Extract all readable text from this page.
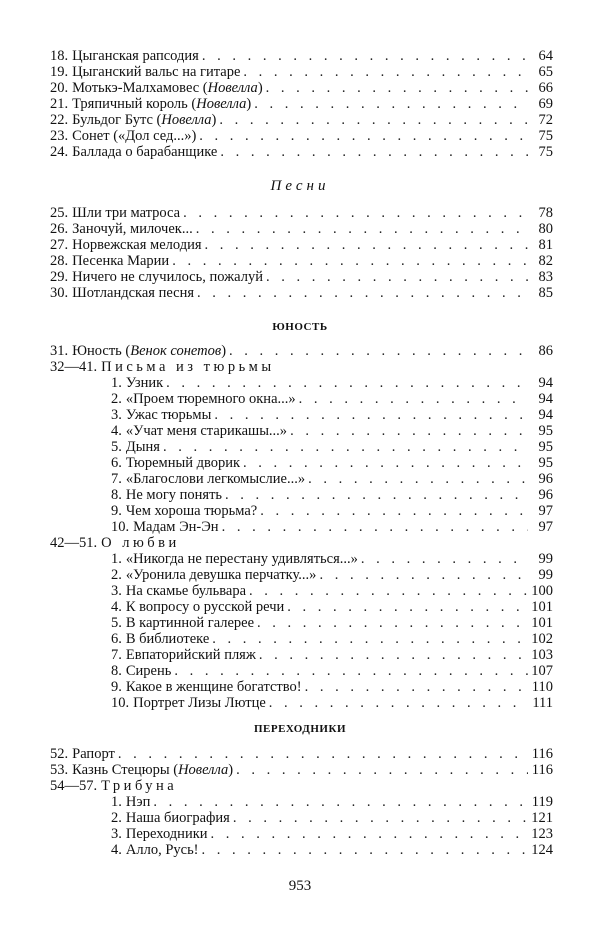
18. Цыганская рапсодия . . .	64
19. Цыганский вальс на гитаре . . .	65
20. Мотькэ-Малхамовес (Новелла) . . .	66
21. Тряпичный король (Новелла) . . .	69
22. Бульдог Бутс (Новелла) . . .	72
23. Сонет («Дол сед...») . . .	75
24. Баллада о барабанщике . . .	75
Песни
25. Шли три матроса . . .	78
26. Заночуй, милочек... . . .	80
27. Норвежская мелодия . . .	81
28. Песенка Марии . . .	82
29. Ничего не случилось, пожалуй . . .	83
30. Шотландская песня . . .	85
ЮНОСТЬ
31. Юность (Венок сонетов) . . .	86
32—41. Письма из тюрьмы
1. Узник . . .	94
2. «Проем тюремного окна...» . . .	94
3. Ужас тюрьмы . . .	94
4. «Учат меня старикашы...» . . .	95
5. Дыня . . .	95
6. Тюремный дворик . . .	95
7. «Благослови легкомыслие...» . . .	96
8. Не могу понять . . .	96
9. Чем хороша тюрьма? . . .	97
10. Мадам Эн-Эн . . .	97
42—51. О любви
1. «Никогда не перестану удивляться...» . . .	99
2. «Уронила девушка перчатку...» . . .	99
3. На скамье бульвара . . .	100
4. К вопросу о русской речи . . .	101
5. В картинной галерее . . .	101
6. В библиотеке . . .	102
7. Евпаторийский пляж . . .	103
8. Сирень . . .	107
9. Какое в женщине богатство! . . .	110
10. Портрет Лизы Лютце . . .	111
ПЕРЕХОДНИКИ
52. Рапорт . . .	116
53. Казнь Стецюры (Новелла) . . .	116
54—57. Трибуна
1. Нэп . . .	119
2. Наша биография . . .	121
3. Переходники . . .	123
4. Алло, Русь! . . .	124
953
